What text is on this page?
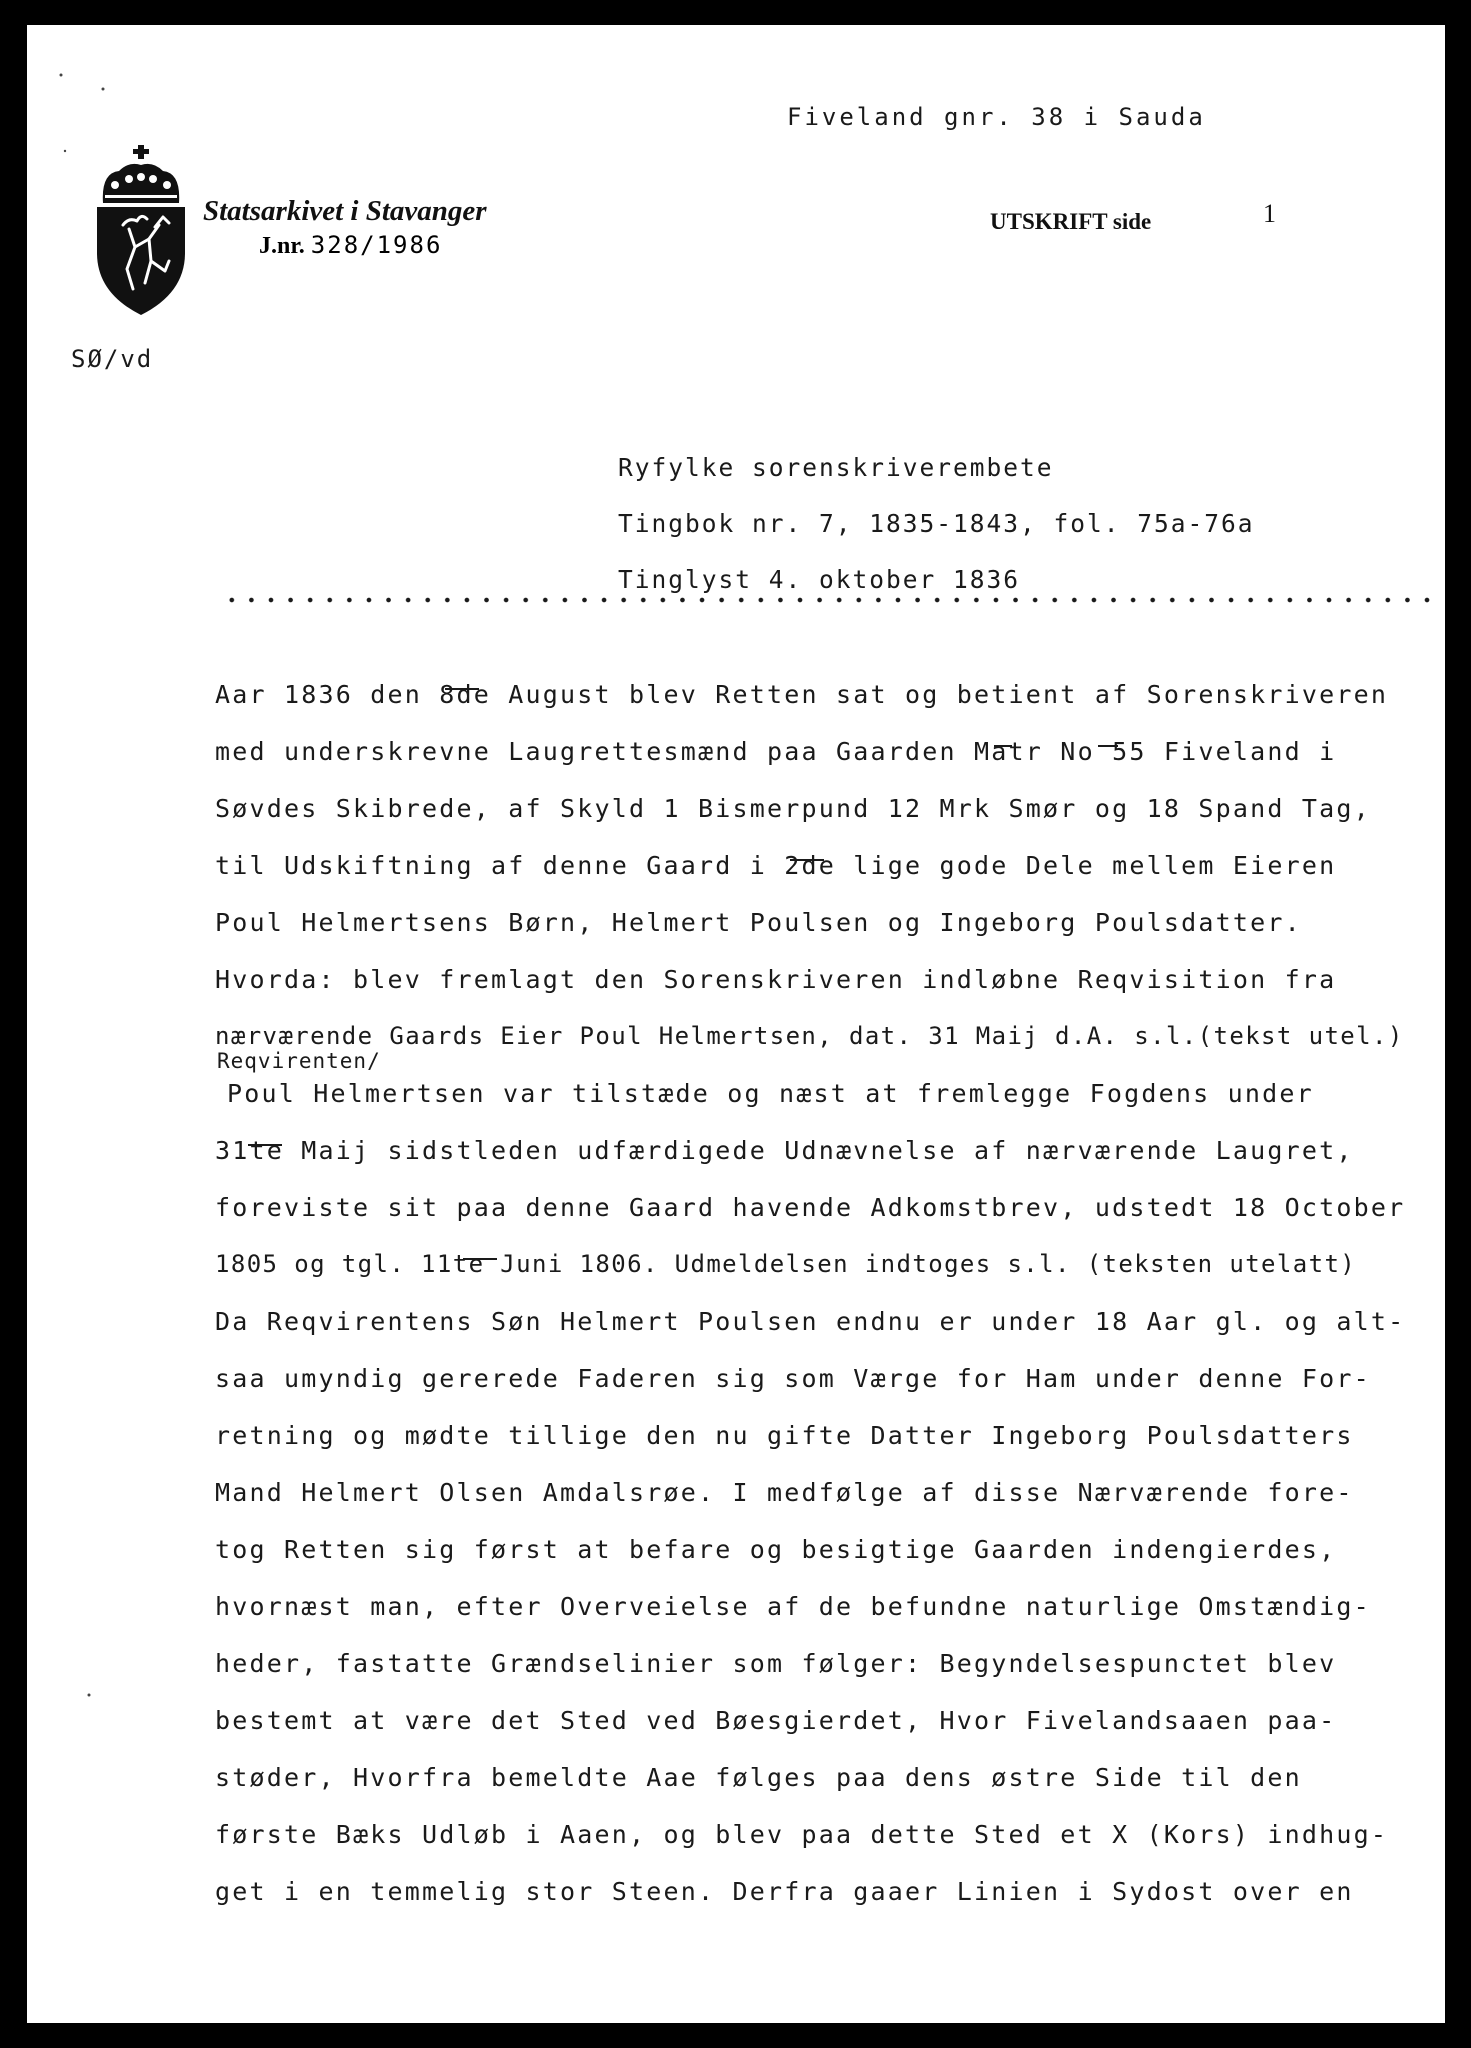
Fiveland gnr. 38 i Sauda
Statsarkivet i Stavanger
J.nr. 328/1986
UTSKRIFT side	1
SØ/vd
Ryfylke sorenskriverembete
Tingbok nr. 7, 1835-1843, fol. 75a-76a
Tinglyst 4. oktober 1836
Aar 1836 den 8de August blev Retten sat og betient af Sorenskriveren
med underskrevne Laugrettesmænd paa Gaarden Matr No 55 Fiveland i
Søvdes Skibrede, af Skyld 1 Bismerpund 12 Mrk Smør og 18 Spand Tag,
til Udskiftning af denne Gaard i 2de lige gode Dele mellem Eieren
Poul Helmertsens Børn, Helmert Poulsen og Ingeborg Poulsdatter.
Hvorda: blev fremlagt den Sorenskriveren indløbne Reqvisition fra
nærværende Gaards Eier Poul Helmertsen, dat. 31 Maij d.A. s.l.(tekst utel.)
Reqvirenten/
Poul Helmertsen var tilstæde og næst at fremlegge Fogdens under
31te Maij sidstleden udfærdigede Udnævnelse af nærværende Laugret,
foreviste sit paa denne Gaard havende Adkomstbrev, udstedt 18 October
1805 og tgl. 11te Juni 1806. Udmeldelsen indtoges s.l. (teksten utelatt)
Da Reqvirentens Søn Helmert Poulsen endnu er under 18 Aar gl. og alt-
saa umyndig gererede Faderen sig som Værge for Ham under denne For-
retning og mødte tillige den nu gifte Datter Ingeborg Poulsdatters
Mand Helmert Olsen Amdalsrøe. I medfølge af disse Nærværende fore-
tog Retten sig først at befare og besigtige Gaarden indengierdes,
hvornæst man, efter Overveielse af de befundne naturlige Omstændig-
heder, fastatte Grændselinier som følger: Begyndelsespunctet blev
bestemt at være det Sted ved Bøesgierdet, Hvor Fivelandsaaen paa-
støder, Hvorfra bemeldte Aae følges paa dens østre Side til den
første Bæks Udløb i Aaen, og blev paa dette Sted et X (Kors) indhug-
get i en temmelig stor Steen. Derfra gaaer Linien i Sydost over en
